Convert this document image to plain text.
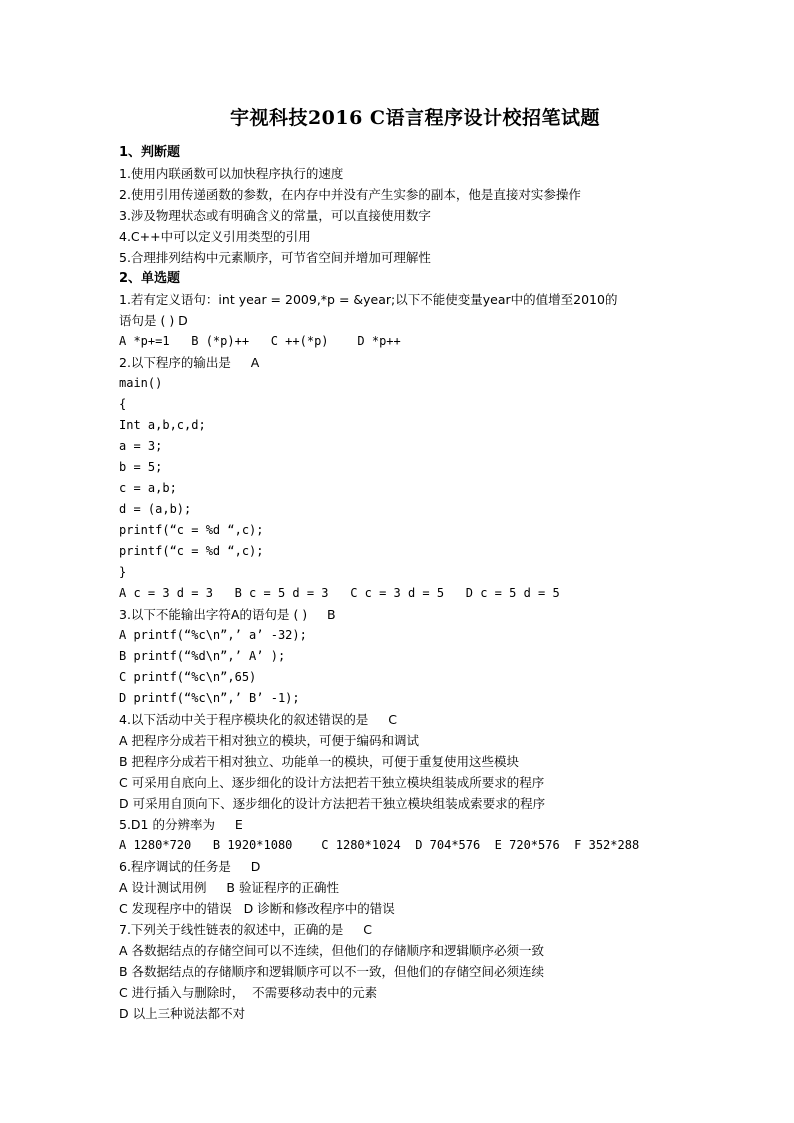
宇视科技2016 C语言程序设计校招笔试题
1、判断题
1.使用内联函数可以加快程序执行的速度
2.使用引用传递函数的参数，在内存中并没有产生实参的副本，他是直接对实参操作
3.涉及物理状态或有明确含义的常量，可以直接使用数字
4.C++中可以定义引用类型的引用
5.合理排列结构中元素顺序，可节省空间并增加可理解性
2、单选题
1.若有定义语句：int year = 2009,*p = &year;以下不能使变量year中的值增至2010的
语句是 ( ) D
A *p+=1   B (*p)++   C ++(*p)    D *p++
2.以下程序的输出是     A
main()
{
Int a,b,c,d;
a = 3;
b = 5;
c = a,b;
d = (a,b);
printf(“c = %d “,c);
printf(“c = %d “,c);
}
A c = 3 d = 3   B c = 5 d = 3   C c = 3 d = 5   D c = 5 d = 5
3.以下不能输出字符A的语句是 ( )     B
A printf(“%c\n”,’ a’ -32);
B printf(“%d\n”,’ A’ );
C printf(“%c\n”,65)
D printf(“%c\n”,’ B’ -1);
4.以下活动中关于程序模块化的叙述错误的是     C
A 把程序分成若干相对独立的模块，可便于编码和调试
B 把程序分成若干相对独立、功能单一的模块，可便于重复使用这些模块
C 可采用自底向上、逐步细化的设计方法把若干独立模块组装成所要求的程序
D 可采用自顶向下、逐步细化的设计方法把若干独立模块组装成索要求的程序
5.D1 的分辨率为     E
A 1280*720   B 1920*1080    C 1280*1024  D 704*576  E 720*576  F 352*288
6.程序调试的任务是     D
A 设计测试用例     B 验证程序的正确性
C 发现程序中的错误   D 诊断和修改程序中的错误
7.下列关于线性链表的叙述中，正确的是     C
A 各数据结点的存储空间可以不连续，但他们的存储顺序和逻辑顺序必须一致
B 各数据结点的存储顺序和逻辑顺序可以不一致，但他们的存储空间必须连续
C 进行插入与删除时，  不需要移动表中的元素
D 以上三种说法都不对
